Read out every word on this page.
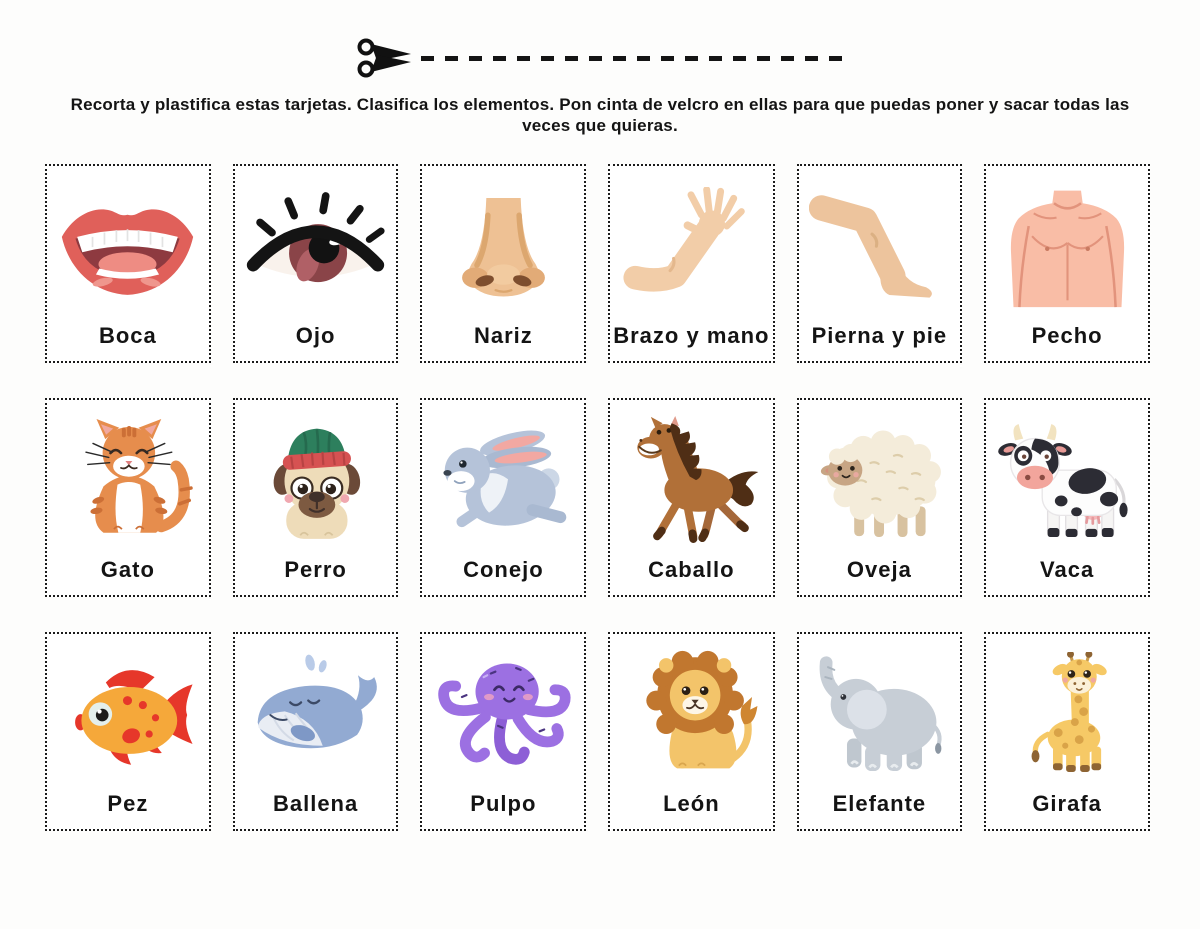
Recorta y plastifica estas tarjetas. Clasifica los elementos. Pon cinta de velcro en ellas para que puedas poner y sacar todas las veces que quieras.

Boca	Ojo	Nariz	Brazo y mano Pierna y pie	Pecho
Gato	Perro	Conejo	Caballo	Oveja	Vaca
Pez	Ballena	Pulpo	León	Elefante	Girafa
